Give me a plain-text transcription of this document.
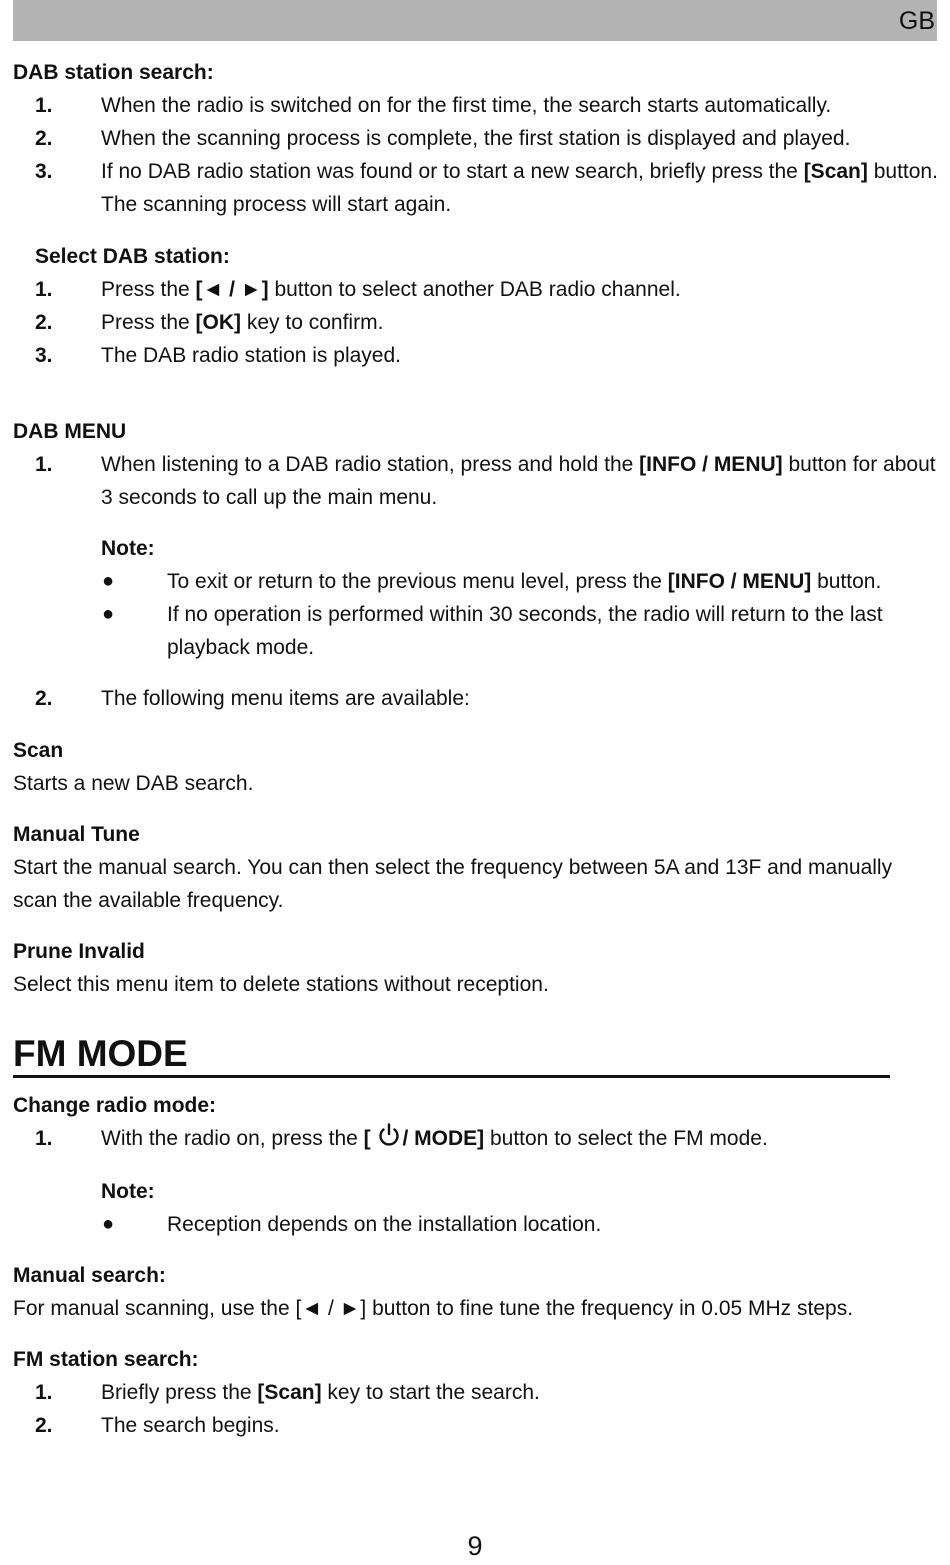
GB
DAB station search:
1. When the radio is switched on for the first time, the search starts automatically.
2. When the scanning process is complete, the first station is displayed and played.
3. If no DAB radio station was found or to start a new search, briefly press the [Scan] button. The scanning process will start again.
Select DAB station:
1. Press the [◄ / ►] button to select another DAB radio channel.
2. Press the [OK] key to confirm.
3. The DAB radio station is played.
DAB MENU
1. When listening to a DAB radio station, press and hold the [INFO / MENU] button for about 3 seconds to call up the main menu.
Note:
●	To exit or return to the previous menu level, press the [INFO / MENU] button.
●	If no operation is performed within 30 seconds, the radio will return to the last playback mode.
2. The following menu items are available:
Scan
Starts a new DAB search.
Manual Tune
Start the manual search. You can then select the frequency between 5A and 13F and manually scan the available frequency.
Prune Invalid
Select this menu item to delete stations without reception.
FM MODE
Change radio mode:
1. With the radio on, press the [ / MODE] button to select the FM mode.
Note:
●	Reception depends on the installation location.
Manual search:
For manual scanning, use the [◄ / ►] button to fine tune the frequency in 0.05 MHz steps.
FM station search:
1. Briefly press the [Scan] key to start the search.
2. The search begins.
9
